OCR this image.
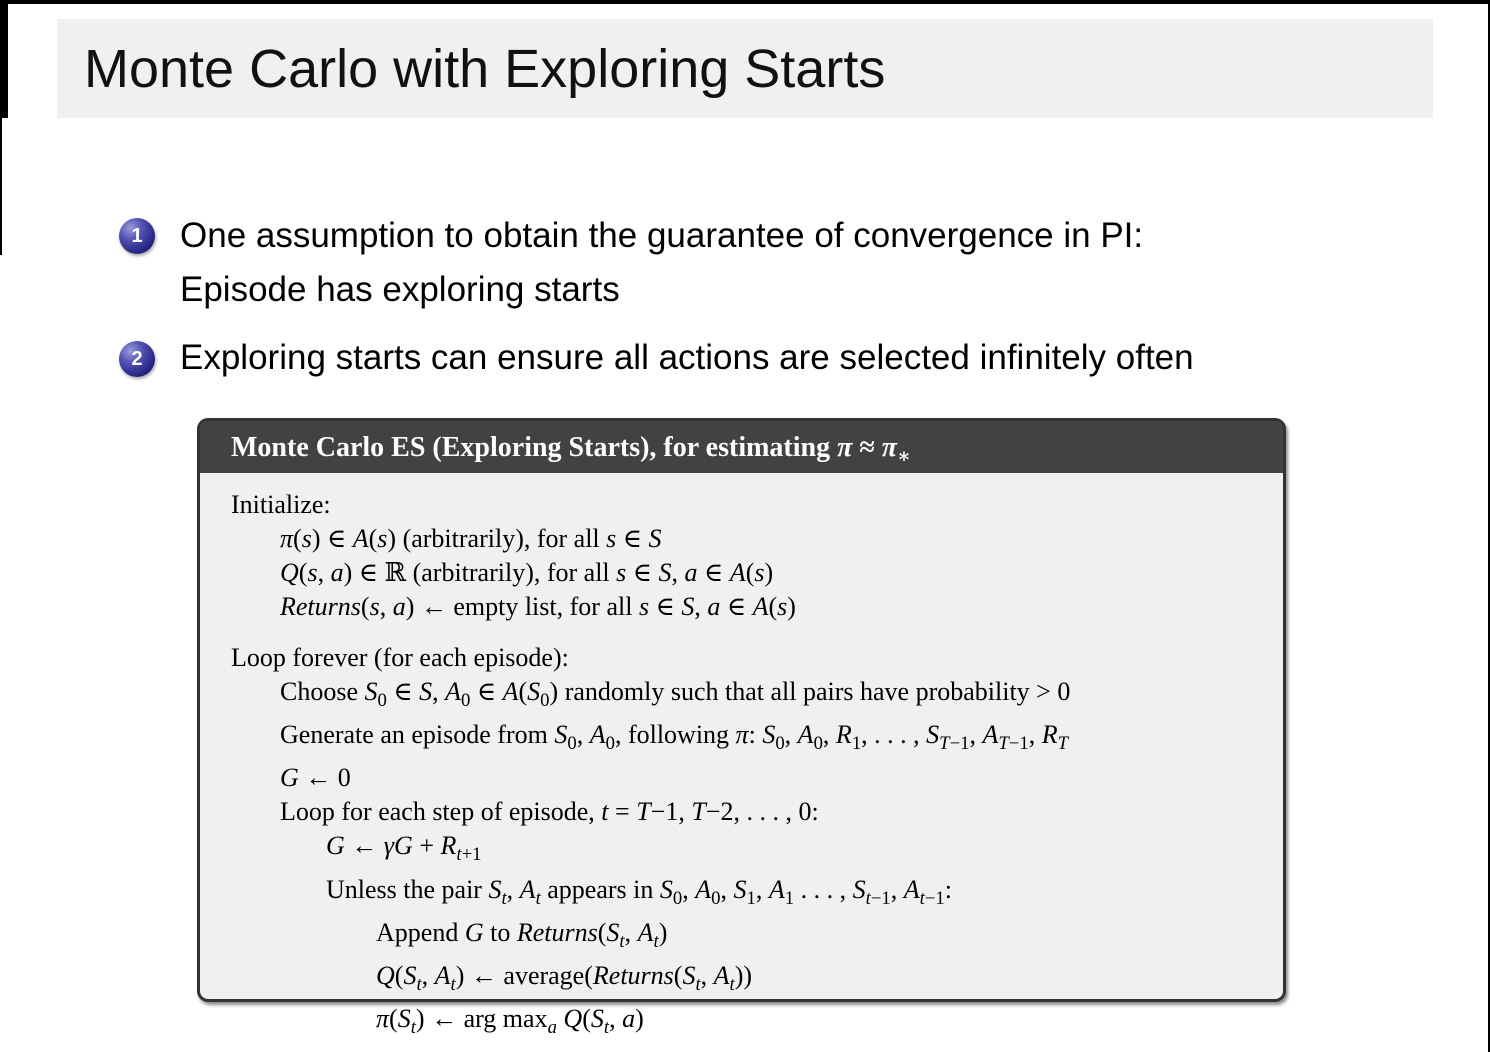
Monte Carlo with Exploring Starts
1	One assumption to obtain the guarantee of convergence in PI:
Episode has exploring starts
2	Exploring starts can ensure all actions are selected infinitely often
Monte Carlo ES (Exploring Starts), for estimating $\pi \approx \pi_∗$
Initialize:
π(s) ∈ A(s) (arbitrarily), for all s ∈ S
Q(s, a) ∈ ℝ (arbitrarily), for all s ∈ S, a ∈ A(s)
Returns(s, a) ← empty list, for all s ∈ S, a ∈ A(s)
Loop forever (for each episode):
Choose $S_0$ ∈ S, $A_0$ ∈ $A(S_0)$ randomly such that all pairs have probability > 0
Generate an episode from $S_0$, $A_0$, following π: $S_0$, $A_0$, $R_1$, . . . , $S_{T-1}$, $A_{T-1}$, $R_T$
G ← 0
Loop for each step of episode, t = T−1, T−2, . . . , 0:
G ← $\gamma G + R_{t+1}$
Unless the pair $S_t$, $A_t$ appears in $S_0$, $A_0$, $S_1$, $A_1$ . . . , $S_{t-1}$, $A_{t-1}$:
Append G to $Returns(S_t$, $A_t$)
$Q(S_t$, $A_t$) ← $average(Returns(S_t$, $A_t$))
$\pi(S_t)$ ← arg $\max_a Q(S_t$, a)
